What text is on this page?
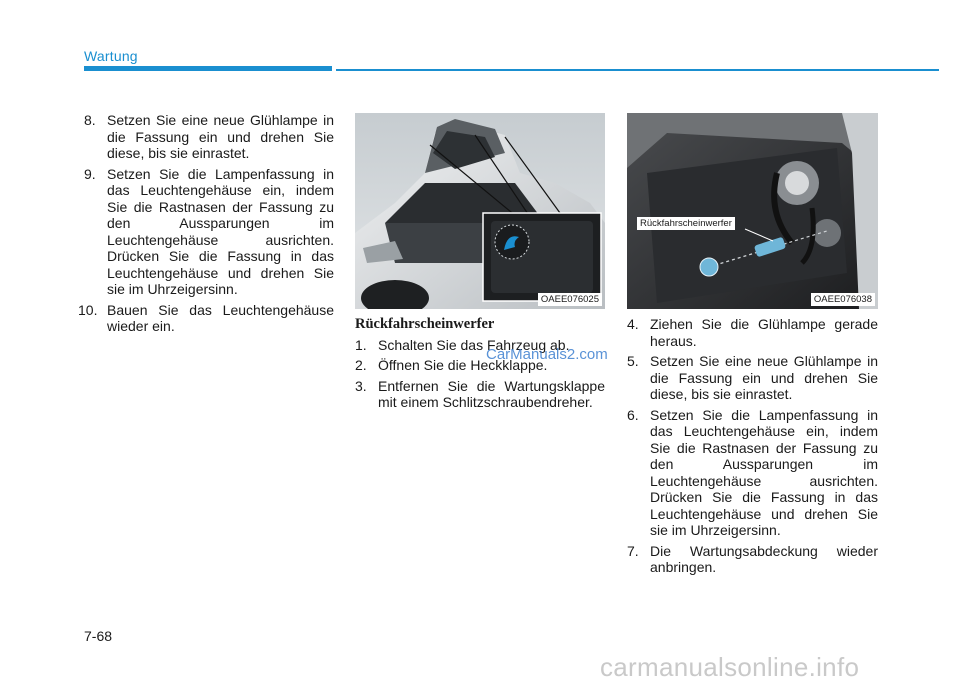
Wartung
8. Setzen Sie eine neue Glühlampe in die Fassung ein und drehen Sie diese, bis sie einrastet.
9. Setzen Sie die Lampenfassung in das Leuchtengehäuse ein, indem Sie die Rastnasen der Fassung zu den Aussparungen im Leuchtengehäuse ausrichten. Drücken Sie die Fassung in das Leuchtengehäuse und drehen Sie sie im Uhrzeigersinn.
10. Bauen Sie das Leuchtengehäuse wieder ein.
OAEE076025
Rückfahrscheinwerfer
OAEE076038
Rückfahrscheinwerfer
1. Schalten Sie das Fahrzeug ab.
2. Öffnen Sie die Heckklappe.
3. Entfernen Sie die Wartungsklappe mit einem Schlitzschraubendreher.
4. Ziehen Sie die Glühlampe gerade heraus.
5. Setzen Sie eine neue Glühlampe in die Fassung ein und drehen Sie diese, bis sie einrastet.
6. Setzen Sie die Lampenfassung in das Leuchtengehäuse ein, indem Sie die Rastnasen der Fassung zu den Aussparungen im Leuchtengehäuse ausrichten. Drücken Sie die Fassung in das Leuchtengehäuse und drehen Sie sie im Uhrzeigersinn.
7. Die Wartungsabdeckung wieder anbringen.
CarManuals2.com
7-68
carmanualsonline.info
